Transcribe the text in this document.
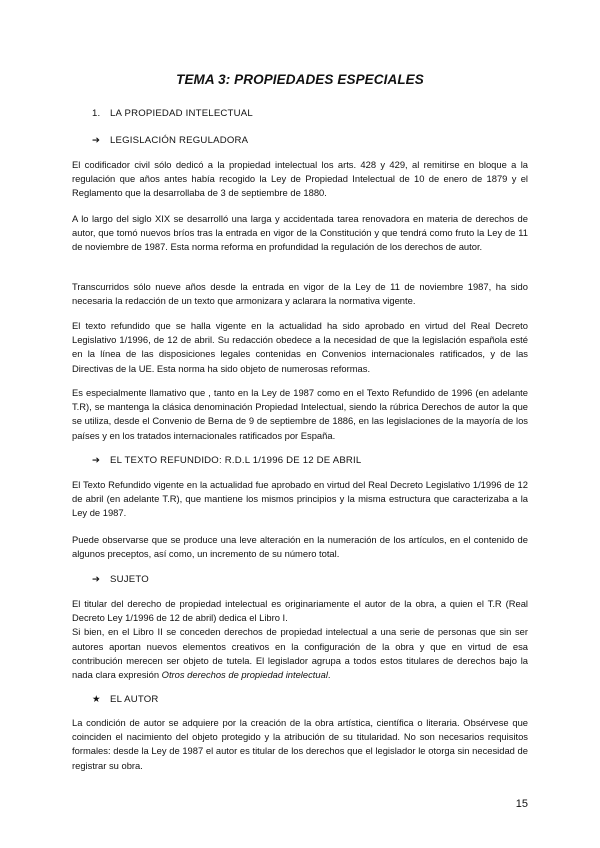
TEMA 3: PROPIEDADES ESPECIALES
1. LA PROPIEDAD INTELECTUAL
➔ LEGISLACIÓN REGULADORA
El codificador civil sólo dedicó a la propiedad intelectual los arts. 428 y 429, al remitirse en bloque a la regulación que años antes había recogido la Ley de Propiedad Intelectual de 10 de enero de 1879 y el Reglamento que la desarrollaba de 3 de septiembre de 1880.
A lo largo del siglo XIX se desarrolló una larga y accidentada tarea renovadora en materia de derechos de autor, que tomó nuevos bríos tras la entrada en vigor de la Constitución y que tendrá como fruto la Ley de 11 de noviembre de 1987. Esta norma reforma en profundidad la regulación de los derechos de autor.
Transcurridos sólo nueve años desde la entrada en vigor de la Ley de 11 de noviembre 1987, ha sido necesaria la redacción de un texto que armonizara y aclarara la normativa vigente.
El texto refundido que se halla vigente en la actualidad ha sido aprobado en virtud del Real Decreto Legislativo 1/1996, de 12 de abril. Su redacción obedece a la necesidad de que la legislación española esté en la línea de las disposiciones legales contenidas en Convenios internacionales ratificados, y de las Directivas de la UE. Esta norma ha sido objeto de numerosas reformas.
Es especialmente llamativo que , tanto en la Ley de 1987 como en el Texto Refundido de 1996 (en adelante T.R), se mantenga la clásica denominación Propiedad Intelectual, siendo la rúbrica Derechos de autor la que se utiliza, desde el Convenio de Berna de 9 de septiembre de 1886, en las legislaciones de la mayoría de los países y en los tratados internacionales ratificados por España.
➔ EL TEXTO REFUNDIDO: R.D.L 1/1996 DE 12 DE ABRIL
El Texto Refundido vigente en la actualidad fue aprobado en virtud del Real Decreto Legislativo 1/1996 de 12 de abril (en adelante T.R), que mantiene los mismos principios y la misma estructura que caracterizaba a la Ley de 1987.
Puede observarse que se produce una leve alteración en la numeración de los artículos, en el contenido de algunos preceptos, así como, un incremento de su número total.
➔ SUJETO
El titular del derecho de propiedad intelectual es originariamente el autor de la obra, a quien el T.R (Real Decreto Ley 1/1996 de 12 de abril) dedica el Libro I.
Si bien, en el Libro II se conceden derechos de propiedad intelectual a una serie de personas que sin ser autores aportan nuevos elementos creativos en la configuración de la obra y que en virtud de esa contribución merecen ser objeto de tutela. El legislador agrupa a todos estos titulares de derechos bajo la nada clara expresión Otros derechos de propiedad intelectual.
★ EL AUTOR
La condición de autor se adquiere por la creación de la obra artística, científica o literaria. Obsérvese que coinciden el nacimiento del objeto protegido y la atribución de su titularidad. No son necesarios requisitos formales: desde la Ley de 1987 el autor es titular de los derechos que el legislador le otorga sin necesidad de registrar su obra.
15
